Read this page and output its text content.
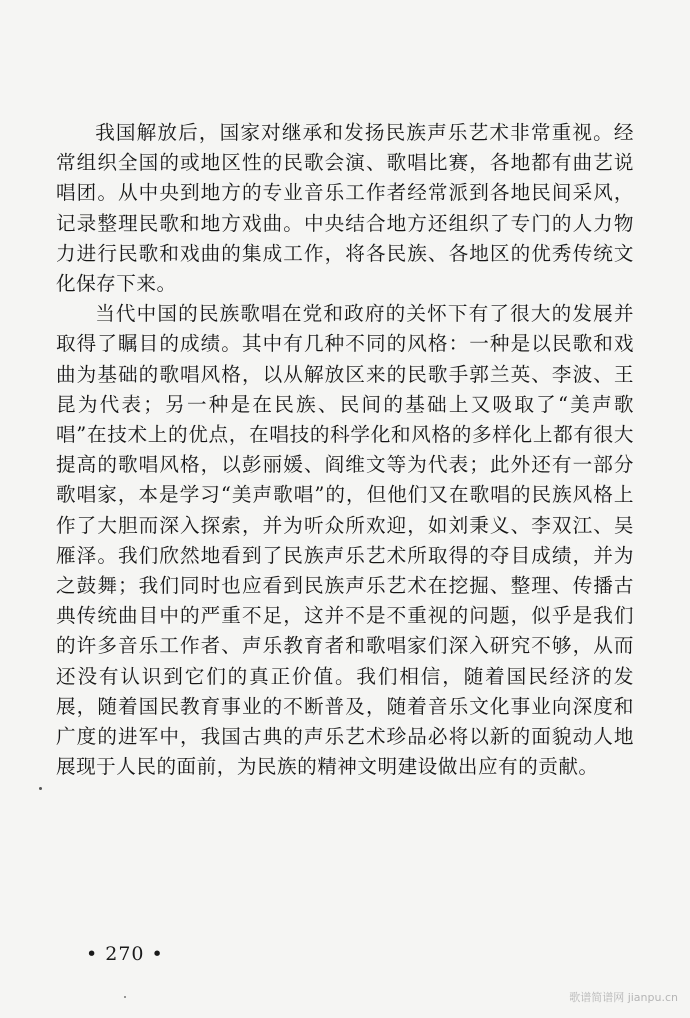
我国解放后，国家对继承和发扬民族声乐艺术非常重视。经常组织全国的或地区性的民歌会演、歌唱比赛，各地都有曲艺说唱团。从中央到地方的专业音乐工作者经常派到各地民间采风，记录整理民歌和地方戏曲。中央结合地方还组织了专门的人力物力进行民歌和戏曲的集成工作，将各民族、各地区的优秀传统文化保存下来。

当代中国的民族歌唱在党和政府的关怀下有了很大的发展并取得了瞩目的成绩。其中有几种不同的风格：一种是以民歌和戏曲为基础的歌唱风格，以从解放区来的民歌手郭兰英、李波、王昆为代表；另一种是在民族、民间的基础上又吸取了“美声歌唱”在技术上的优点，在唱技的科学化和风格的多样化上都有很大提高的歌唱风格，以彭丽媛、阎维文等为代表；此外还有一部分歌唱家，本是学习“美声歌唱”的，但他们又在歌唱的民族风格上作了大胆而深入探索，并为听众所欢迎，如刘秉义、李双江、吴雁泽。我们欣然地看到了民族声乐艺术所取得的夺目成绩，并为之鼓舞；我们同时也应看到民族声乐艺术在挖掘、整理、传播古典传统曲目中的严重不足，这并不是不重视的问题，似乎是我们的许多音乐工作者、声乐教育者和歌唱家们深入研究不够，从而还没有认识到它们的真正价值。我们相信，随着国民经济的发展，随着国民教育事业的不断普及，随着音乐文化事业向深度和广度的进军中，我国古典的声乐艺术珍品必将以新的面貌动人地展现于人民的面前，为民族的精神文明建设做出应有的贡献。

• 270 •
歌谱简谱网 jianpu.cn
